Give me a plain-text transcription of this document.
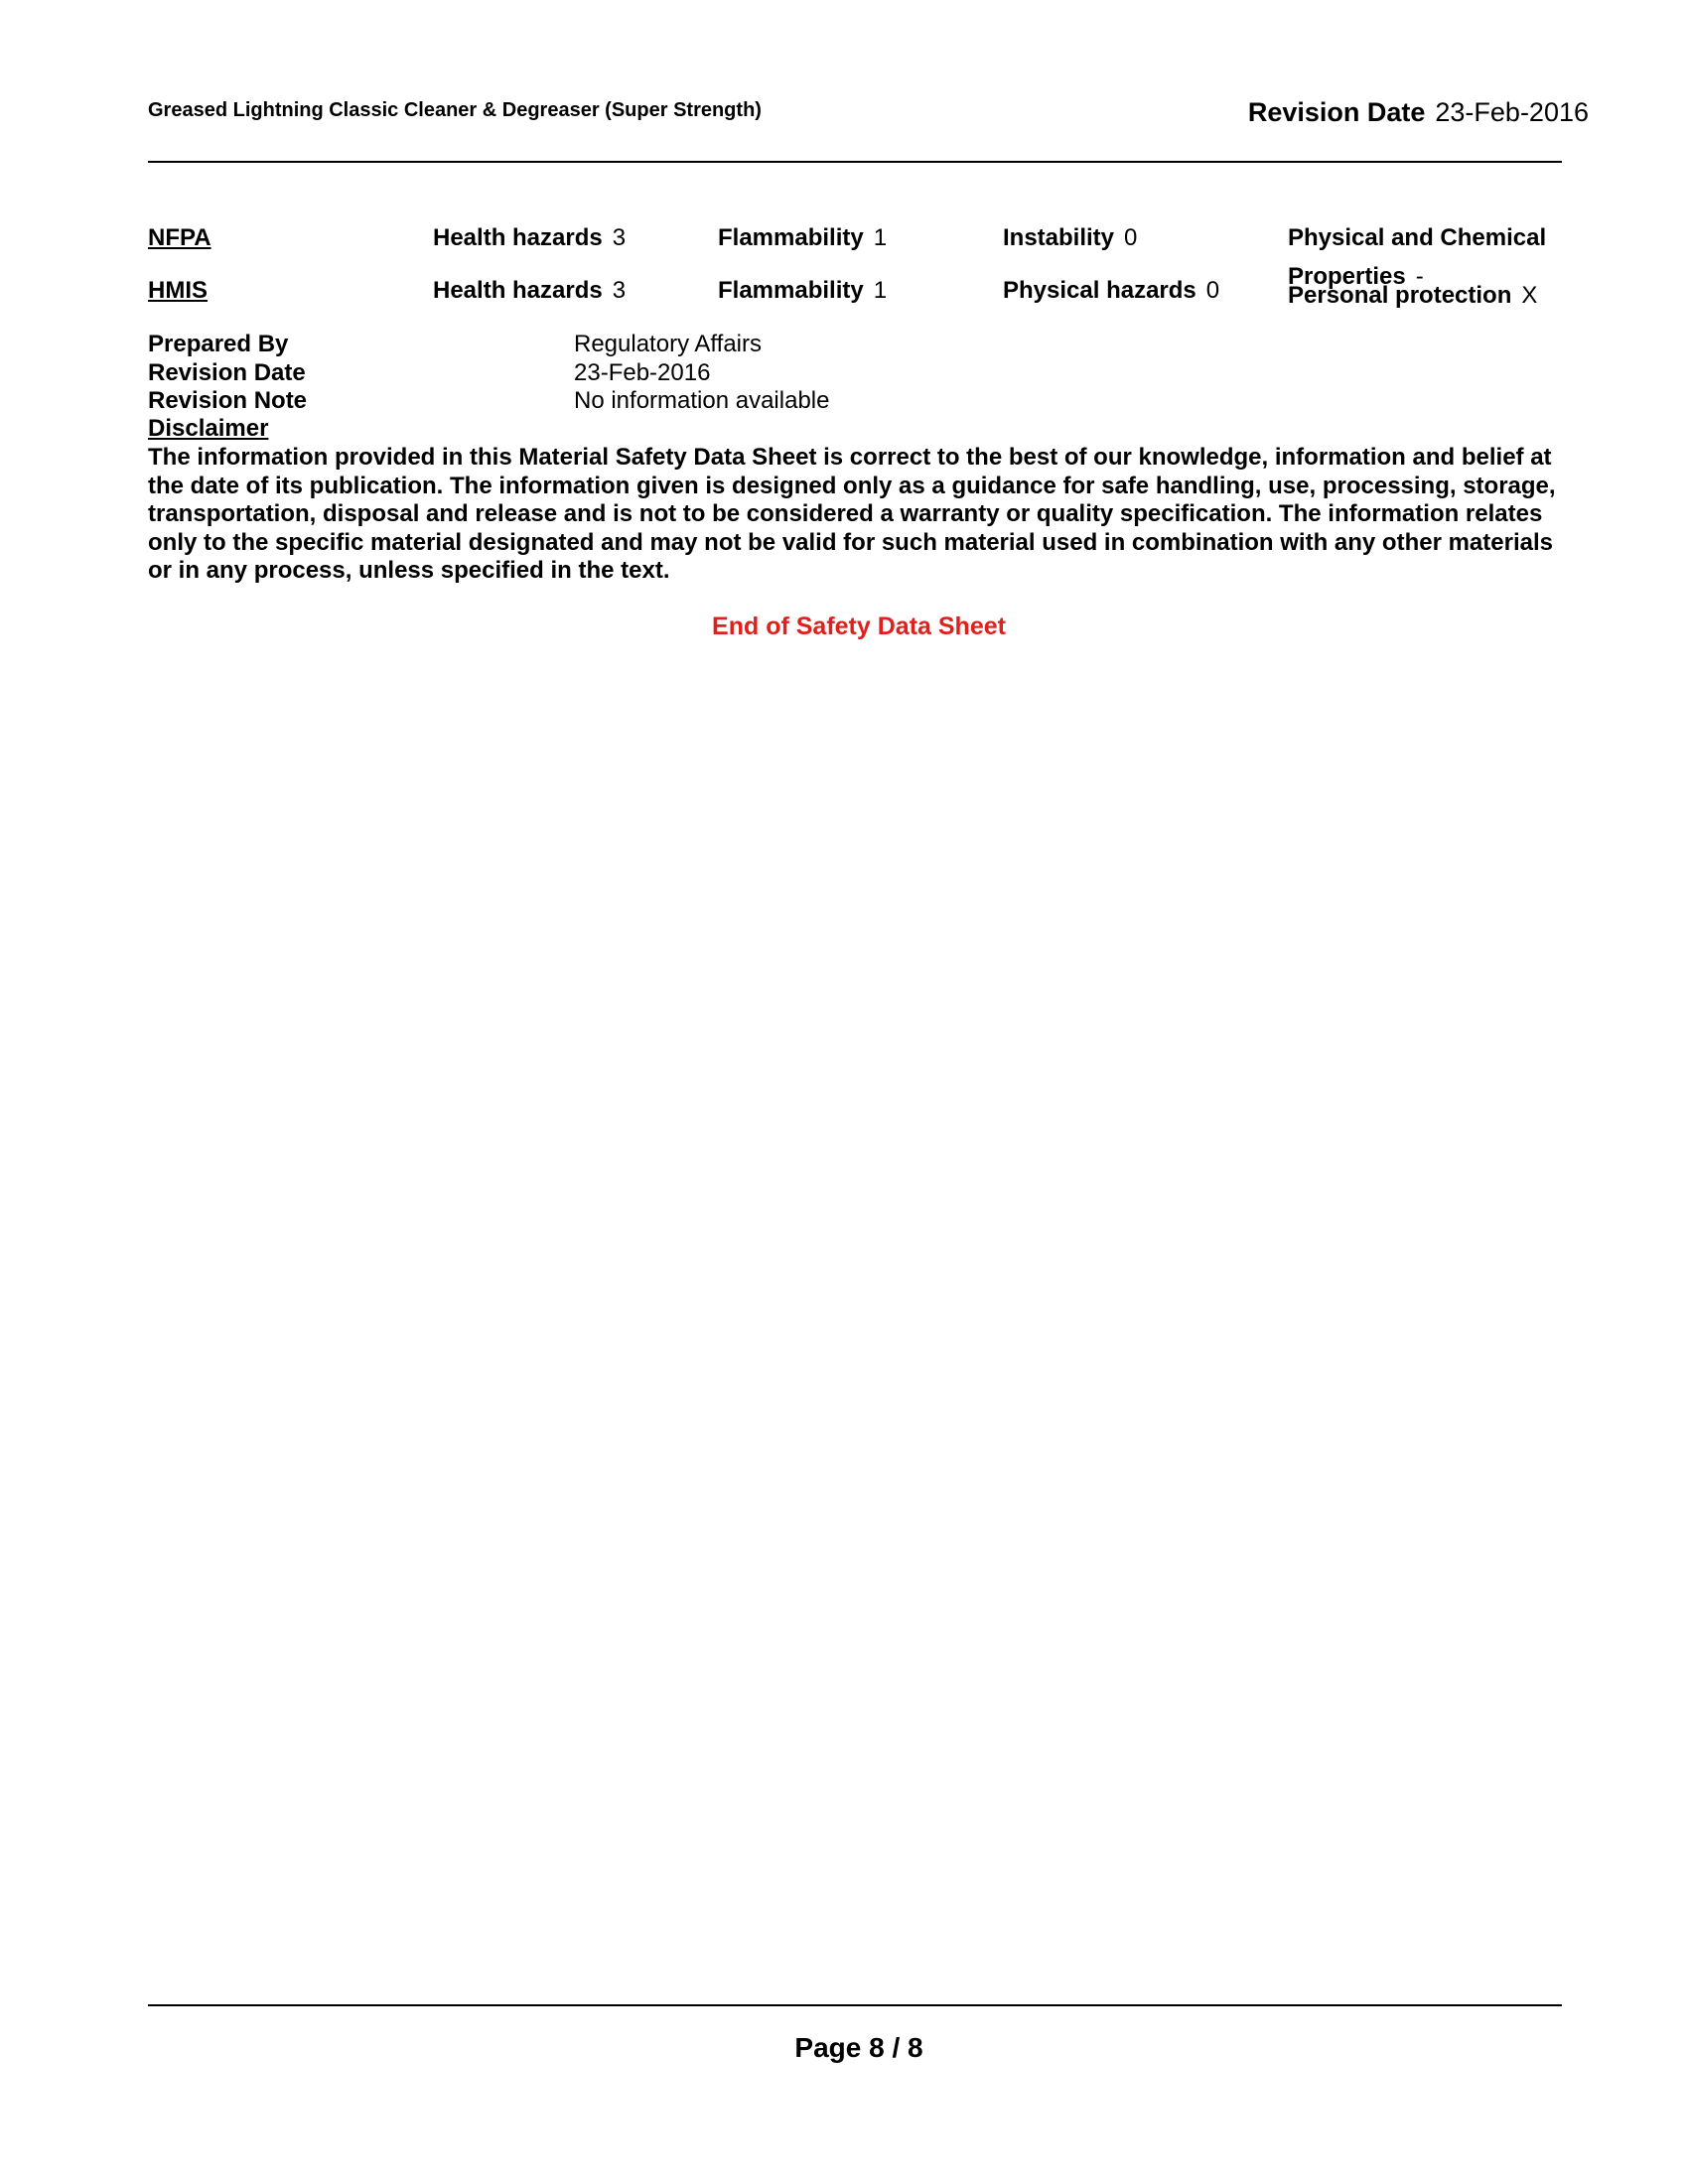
Greased Lightning Classic Cleaner & Degreaser (Super Strength)	Revision Date 23-Feb-2016
NFPA	Health hazards 3	Flammability 1	Instability 0	Physical and Chemical Properties -
HMIS	Health hazards 3	Flammability 1	Physical hazards 0	Personal protection X
Prepared By	Regulatory Affairs
Revision Date	23-Feb-2016
Revision Note	No information available
Disclaimer
The information provided in this Material Safety Data Sheet is correct to the best of our knowledge, information and belief at the date of its publication. The information given is designed only as a guidance for safe handling, use, processing, storage, transportation, disposal and release and is not to be considered a warranty or quality specification. The information relates only to the specific material designated and may not be valid for such material used in combination with any other materials or in any process, unless specified in the text.
End of Safety Data Sheet
Page 8 / 8
